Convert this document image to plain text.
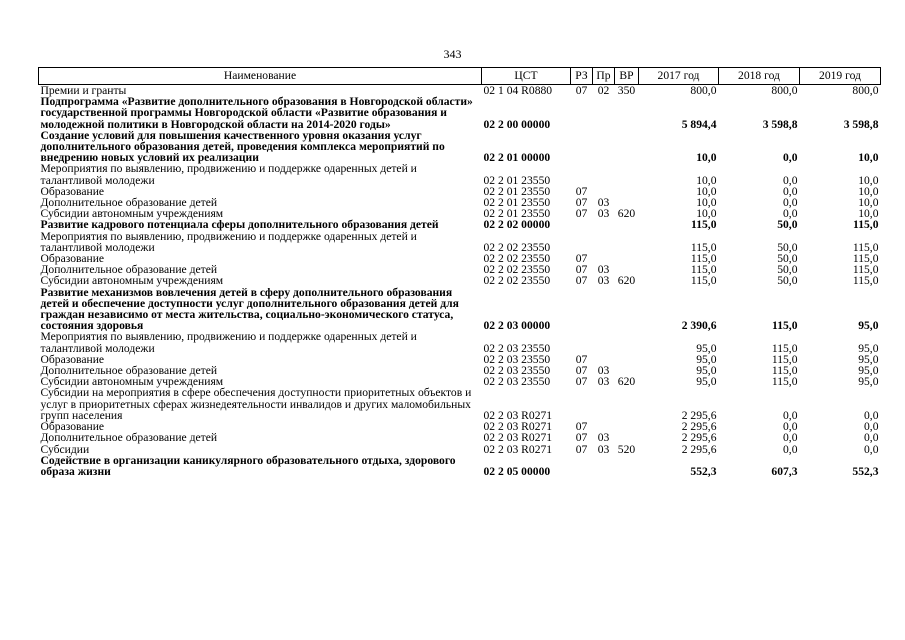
343
Наименование	ЦСТ	РЗ	Пр	ВР	2017 год	2018 год	2019 год
Премии и гранты	02 1 04 R0880	07	02	350	800,0	800,0	800,0
Подпрограмма «Развитие дополнительного образования в Новгородской области» государственной программы Новгородской области «Развитие образования и молодежной политики в Новгородской области на 2014-2020 годы»	02 2 00 00000				5 894,4	3 598,8	3 598,8
Создание условий для повышения качественного уровня оказания услуг дополнительного образования детей, проведения комплекса мероприятий по внедрению новых условий их реализации	02 2 01 00000				10,0	0,0	10,0
Мероприятия по выявлению, продвижению и поддержке одаренных детей и талантливой молодежи	02 2 01 23550				10,0	0,0	10,0
Образование	02 2 01 23550	07			10,0	0,0	10,0
Дополнительное образование детей	02 2 01 23550	07	03		10,0	0,0	10,0
Субсидии автономным учреждениям	02 2 01 23550	07	03	620	10,0	0,0	10,0
Развитие кадрового потенциала сферы дополнительного образования детей	02 2 02 00000				115,0	50,0	115,0
Мероприятия по выявлению, продвижению и поддержке одаренных детей и талантливой молодежи	02 2 02 23550				115,0	50,0	115,0
Образование	02 2 02 23550	07			115,0	50,0	115,0
Дополнительное образование детей	02 2 02 23550	07	03		115,0	50,0	115,0
Субсидии автономным учреждениям	02 2 02 23550	07	03	620	115,0	50,0	115,0
Развитие механизмов вовлечения детей в сферу дополнительного образования детей и обеспечение доступности услуг дополнительного образования детей для граждан независимо от места жительства, социально-экономического статуса, состояния здоровья	02 2 03 00000				2 390,6	115,0	95,0
Мероприятия по выявлению, продвижению и поддержке одаренных детей и талантливой молодежи	02 2 03 23550				95,0	115,0	95,0
Образование	02 2 03 23550	07			95,0	115,0	95,0
Дополнительное образование детей	02 2 03 23550	07	03		95,0	115,0	95,0
Субсидии автономным учреждениям	02 2 03 23550	07	03	620	95,0	115,0	95,0
Субсидии на мероприятия в сфере обеспечения доступности приоритетных объектов и услуг в приоритетных сферах жизнедеятельности инвалидов и других маломобильных групп населения	02 2 03 R0271				2 295,6	0,0	0,0
Образование	02 2 03 R0271	07			2 295,6	0,0	0,0
Дополнительное образование детей	02 2 03 R0271	07	03		2 295,6	0,0	0,0
Субсидии	02 2 03 R0271	07	03	520	2 295,6	0,0	0,0
Содействие в организации каникулярного образовательного отдыха, здорового образа жизни	02 2 05 00000				552,3	607,3	552,3
